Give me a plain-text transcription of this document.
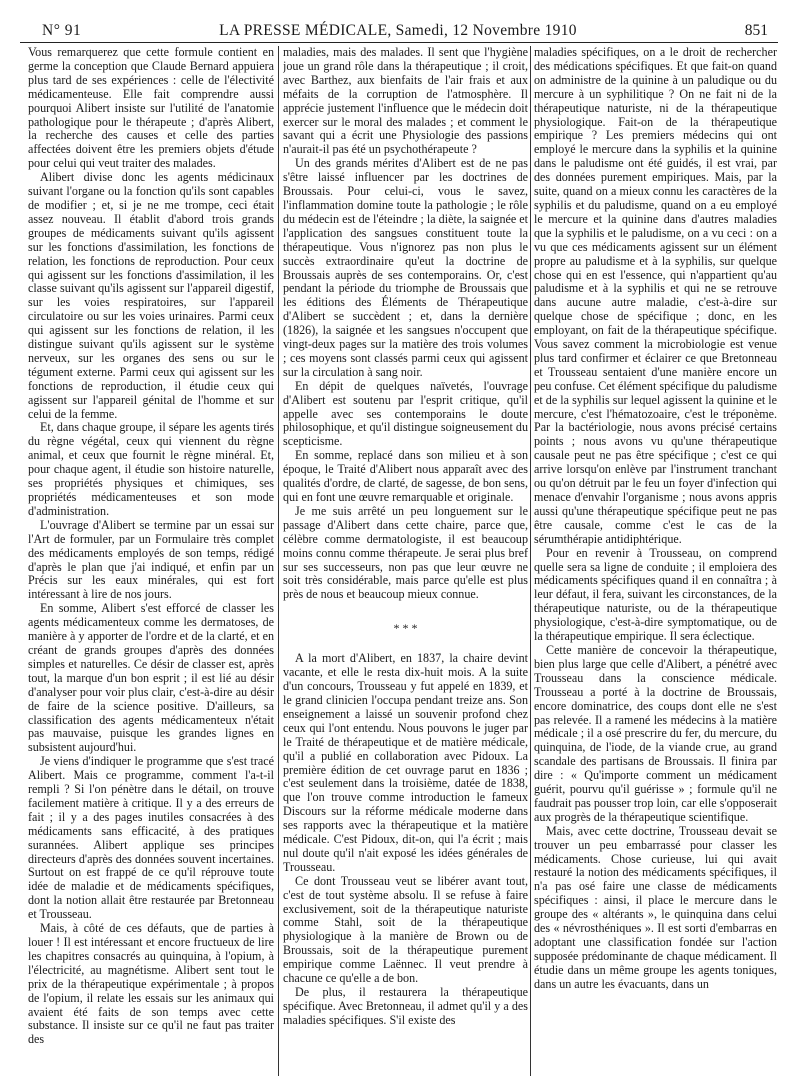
N° 91	LA PRESSE MÉDICALE, Samedi, 12 Novembre 1910	851

Vous remarquerez que cette formule contient en germe la conception que Claude Bernard appuiera plus tard de ses expériences : celle de l'électivité médicamenteuse. Elle fait comprendre aussi pourquoi Alibert insiste sur l'utilité de l'anatomie pathologique pour le thérapeute ; d'après Alibert, la recherche des causes et celle des parties affectées doivent être les premiers objets d'étude pour celui qui veut traiter des malades.

Alibert divise donc les agents médicinaux suivant l'organe ou la fonction qu'ils sont capables de modifier ; et, si je ne me trompe, ceci était assez nouveau. Il établit d'abord trois grands groupes de médicaments suivant qu'ils agissent sur les fonctions d'assimilation, les fonctions de relation, les fonctions de reproduction. Pour ceux qui agissent sur les fonctions d'assimilation, il les classe suivant qu'ils agissent sur l'appareil digestif, sur les voies respiratoires, sur l'appareil circulatoire ou sur les voies urinaires. Parmi ceux qui agissent sur les fonctions de relation, il les distingue suivant qu'ils agissent sur le système nerveux, sur les organes des sens ou sur le tégument externe. Parmi ceux qui agissent sur les fonctions de reproduction, il étudie ceux qui agissent sur l'appareil génital de l'homme et sur celui de la femme.

Et, dans chaque groupe, il sépare les agents tirés du règne végétal, ceux qui viennent du règne animal, et ceux que fournit le règne minéral. Et, pour chaque agent, il étudie son histoire naturelle, ses propriétés physiques et chimiques, ses propriétés médicamenteuses et son mode d'administration.

L'ouvrage d'Alibert se termine par un essai sur l'Art de formuler, par un Formulaire très complet des médicaments employés de son temps, rédigé d'après le plan que j'ai indiqué, et enfin par un Précis sur les eaux minérales, qui est fort intéressant à lire de nos jours.

En somme, Alibert s'est efforcé de classer les agents médicamenteux comme les dermatoses, de manière à y apporter de l'ordre et de la clarté, et en créant de grands groupes d'après des données simples et naturelles. Ce désir de classer est, après tout, la marque d'un bon esprit ; il est lié au désir d'analyser pour voir plus clair, c'est-à-dire au désir de faire de la science positive. D'ailleurs, sa classification des agents médicamenteux n'était pas mauvaise, puisque les grandes lignes en subsistent aujourd'hui.

Je viens d'indiquer le programme que s'est tracé Alibert. Mais ce programme, comment l'a-t-il rempli ? Si l'on pénètre dans le détail, on trouve facilement matière à critique. Il y a des erreurs de fait ; il y a des pages inutiles consacrées à des médicaments sans efficacité, à des pratiques surannées. Alibert applique ses principes directeurs d'après des données souvent incertaines. Surtout on est frappé de ce qu'il réprouve toute idée de maladie et de médicaments spécifiques, dont la notion allait être restaurée par Bretonneau et Trousseau.

Mais, à côté de ces défauts, que de parties à louer ! Il est intéressant et encore fructueux de lire les chapitres consacrés au quinquina, à l'opium, à l'électricité, au magnétisme. Alibert sent tout le prix de la thérapeutique expérimentale ; à propos de l'opium, il relate les essais sur les animaux qui avaient été faits de son temps avec cette substance. Il insiste sur ce qu'il ne faut pas traiter des

maladies, mais des malades. Il sent que l'hygiène joue un grand rôle dans la thérapeutique ; il croit, avec Barthez, aux bienfaits de l'air frais et aux méfaits de la corruption de l'atmosphère. Il apprécie justement l'influence que le médecin doit exercer sur le moral des malades ; et comment le savant qui a écrit une Physiologie des passions n'aurait-il pas été un psychothérapeute ?

Un des grands mérites d'Alibert est de ne pas s'être laissé influencer par les doctrines de Broussais. Pour celui-ci, vous le savez, l'inflammation domine toute la pathologie ; le rôle du médecin est de l'éteindre ; la diète, la saignée et l'application des sangsues constituent toute la thérapeutique. Vous n'ignorez pas non plus le succès extraordinaire qu'eut la doctrine de Broussais auprès de ses contemporains. Or, c'est pendant la période du triomphe de Broussais que les éditions des Éléments de Thérapeutique d'Alibert se succèdent ; et, dans la dernière (1826), la saignée et les sangsues n'occupent que vingt-deux pages sur la matière des trois volumes ; ces moyens sont classés parmi ceux qui agissent sur la circulation à sang noir.

En dépit de quelques naïvetés, l'ouvrage d'Alibert est soutenu par l'esprit critique, qu'il appelle avec ses contemporains le doute philosophique, et qu'il distingue soigneusement du scepticisme.

En somme, replacé dans son milieu et à son époque, le Traité d'Alibert nous apparaît avec des qualités d'ordre, de clarté, de sagesse, de bon sens, qui en font une œuvre remarquable et originale.

Je me suis arrêté un peu longuement sur le passage d'Alibert dans cette chaire, parce que, célèbre comme dermatologiste, il est beaucoup moins connu comme thérapeute. Je serai plus bref sur ses successeurs, non pas que leur œuvre ne soit très considérable, mais parce qu'elle est plus près de nous et beaucoup mieux connue.

* * *

A la mort d'Alibert, en 1837, la chaire devint vacante, et elle le resta dix-huit mois. A la suite d'un concours, Trousseau y fut appelé en 1839, et le grand clinicien l'occupa pendant treize ans. Son enseignement a laissé un souvenir profond chez ceux qui l'ont entendu. Nous pouvons le juger par le Traité de thérapeutique et de matière médicale, qu'il a publié en collaboration avec Pidoux. La première édition de cet ouvrage parut en 1836 ; c'est seulement dans la troisième, datée de 1838, que l'on trouve comme introduction le fameux Discours sur la réforme médicale moderne dans ses rapports avec la thérapeutique et la matière médicale. C'est Pidoux, dit-on, qui l'a écrit ; mais nul doute qu'il n'ait exposé les idées générales de Trousseau.

Ce dont Trousseau veut se libérer avant tout, c'est de tout système absolu. Il se refuse à faire exclusivement, soit de la thérapeutique naturiste comme Stahl, soit de la thérapeutique physiologique à la manière de Brown ou de Broussais, soit de la thérapeutique purement empirique comme Laënnec. Il veut prendre à chacune ce qu'elle a de bon.

De plus, il restaurera la thérapeutique spécifique. Avec Bretonneau, il admet qu'il y a des maladies spécifiques. S'il existe des

maladies spécifiques, on a le droit de rechercher des médications spécifiques. Et que fait-on quand on administre de la quinine à un paludique ou du mercure à un syphilitique ? On ne fait ni de la thérapeutique naturiste, ni de la thérapeutique physiologique. Fait-on de la thérapeutique empirique ? Les premiers médecins qui ont employé le mercure dans la syphilis et la quinine dans le paludisme ont été guidés, il est vrai, par des données purement empiriques. Mais, par la suite, quand on a mieux connu les caractères de la syphilis et du paludisme, quand on a eu employé le mercure et la quinine dans d'autres maladies que la syphilis et le paludisme, on a vu ceci : on a vu que ces médicaments agissent sur un élément propre au paludisme et à la syphilis, sur quelque chose qui en est l'essence, qui n'appartient qu'au paludisme et à la syphilis et qui ne se retrouve dans aucune autre maladie, c'est-à-dire sur quelque chose de spécifique ; donc, en les employant, on fait de la thérapeutique spécifique. Vous savez comment la microbiologie est venue plus tard confirmer et éclairer ce que Bretonneau et Trousseau sentaient d'une manière encore un peu confuse. Cet élément spécifique du paludisme et de la syphilis sur lequel agissent la quinine et le mercure, c'est l'hématozoaire, c'est le tréponème. Par la bactériologie, nous avons précisé certains points ; nous avons vu qu'une thérapeutique causale peut ne pas être spécifique ; c'est ce qui arrive lorsqu'on enlève par l'instrument tranchant ou qu'on détruit par le feu un foyer d'infection qui menace d'envahir l'organisme ; nous avons appris aussi qu'une thérapeutique spécifique peut ne pas être causale, comme c'est le cas de la sérumthérapie antidiphtérique.

Pour en revenir à Trousseau, on comprend quelle sera sa ligne de conduite ; il emploiera des médicaments spécifiques quand il en connaîtra ; à leur défaut, il fera, suivant les circonstances, de la thérapeutique naturiste, ou de la thérapeutique physiologique, c'est-à-dire symptomatique, ou de la thérapeutique empirique. Il sera éclectique.

Cette manière de concevoir la thérapeutique, bien plus large que celle d'Alibert, a pénétré avec Trousseau dans la conscience médicale. Trousseau a porté à la doctrine de Broussais, encore dominatrice, des coups dont elle ne s'est pas relevée. Il a ramené les médecins à la matière médicale ; il a osé prescrire du fer, du mercure, du quinquina, de l'iode, de la viande crue, au grand scandale des partisans de Broussais. Il finira par dire : « Qu'importe comment un médicament guérit, pourvu qu'il guérisse » ; formule qu'il ne faudrait pas pousser trop loin, car elle s'opposerait aux progrès de la thérapeutique scientifique.

Mais, avec cette doctrine, Trousseau devait se trouver un peu embarrassé pour classer les médicaments. Chose curieuse, lui qui avait restauré la notion des médicaments spécifiques, il n'a pas osé faire une classe de médicaments spécifiques : ainsi, il place le mercure dans le groupe des « altérants », le quinquina dans celui des « névrosthéniques ». Il est sorti d'embarras en adoptant une classification fondée sur l'action supposée prédominante de chaque médicament. Il étudie dans un même groupe les agents toniques, dans un autre les évacuants, dans un
